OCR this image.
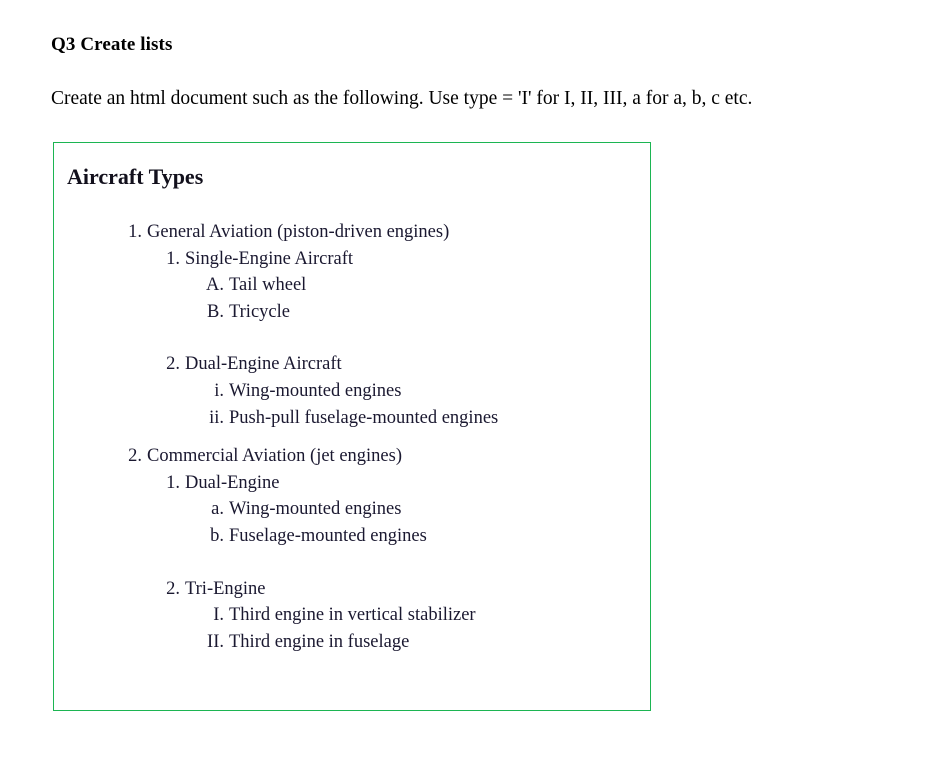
Q3 Create lists
Create an html document such as the following. Use type = 'I' for I, II, III, a for a, b, c etc.
Aircraft Types
1. General Aviation (piston-driven engines)
1. Single-Engine Aircraft
A. Tail wheel
B. Tricycle
2. Dual-Engine Aircraft
i. Wing-mounted engines
ii. Push-pull fuselage-mounted engines
2. Commercial Aviation (jet engines)
1. Dual-Engine
a. Wing-mounted engines
b. Fuselage-mounted engines
2. Tri-Engine
I. Third engine in vertical stabilizer
II. Third engine in fuselage
